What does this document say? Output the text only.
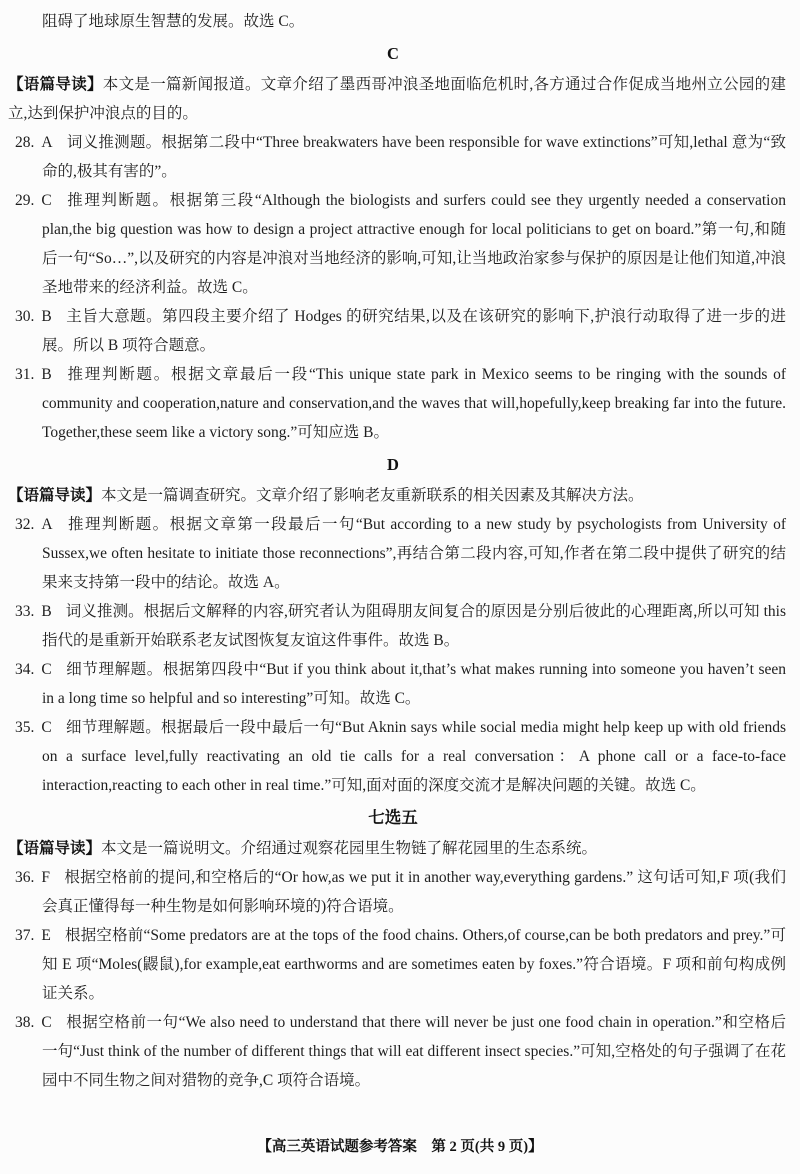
阻碍了地球原生智慧的发展。故选 C。

C

【语篇导读】本文是一篇新闻报道。文章介绍了墨西哥冲浪圣地面临危机时,各方通过合作促成当地州立公园的建立,达到保护冲浪点的目的。

28. A 词义推测题。根据第二段中“Three breakwaters have been responsible for wave extinctions”可知,lethal 意为“致命的,极其有害的”。

29. C 推理判断题。根据第三段“Although the biologists and surfers could see they urgently needed a conservation plan,the big question was how to design a project attractive enough for local politicians to get on board.”第一句,和随后一句“So…”,以及研究的内容是冲浪对当地经济的影响,可知,让当地政治家参与保护的原因是让他们知道,冲浪圣地带来的经济利益。故选 C。

30. B 主旨大意题。第四段主要介绍了 Hodges 的研究结果,以及在该研究的影响下,护浪行动取得了进一步的进展。所以 B 项符合题意。

31. B 推理判断题。根据文章最后一段“This unique state park in Mexico seems to be ringing with the sounds of community and cooperation,nature and conservation,and the waves that will,hopefully,keep breaking far into the future. Together,these seem like a victory song.”可知应选 B。

D

【语篇导读】本文是一篇调查研究。文章介绍了影响老友重新联系的相关因素及其解决方法。

32. A 推理判断题。根据文章第一段最后一句“But according to a new study by psychologists from University of Sussex,we often hesitate to initiate those reconnections”,再结合第二段内容,可知,作者在第二段中提供了研究的结果来支持第一段中的结论。故选 A。

33. B 词义推测。根据后文解释的内容,研究者认为阻碍朋友间复合的原因是分别后彼此的心理距离,所以可知 this 指代的是重新开始联系老友试图恢复友谊这件事件。故选 B。

34. C 细节理解题。根据第四段中“But if you think about it,that’s what makes running into someone you haven’t seen in a long time so helpful and so interesting”可知。故选 C。

35. C 细节理解题。根据最后一段中最后一句“But Aknin says while social media might help keep up with old friends on a surface level,fully reactivating an old tie calls for a real conversation：A phone call or a face-to-face interaction,reacting to each other in real time.”可知,面对面的深度交流才是解决问题的关键。故选 C。

七选五

【语篇导读】本文是一篇说明文。介绍通过观察花园里生物链了解花园里的生态系统。

36. F 根据空格前的提问,和空格后的“Or how,as we put it in another way,everything gardens.” 这句话可知,F 项(我们会真正懂得每一种生物是如何影响环境的)符合语境。

37. E 根据空格前“Some predators are at the tops of the food chains. Others,of course,can be both predators and prey.”可知 E 项“Moles(鼹鼠),for example,eat earthworms and are sometimes eaten by foxes.”符合语境。F 项和前句构成例证关系。

38. C 根据空格前一句“We also need to understand that there will never be just one food chain in operation.”和空格后一句“Just think of the number of different things that will eat different insect species.”可知,空格处的句子强调了在花园中不同生物之间对猎物的竞争,C 项符合语境。

【高三英语试题参考答案　第 2 页(共 9 页)】
